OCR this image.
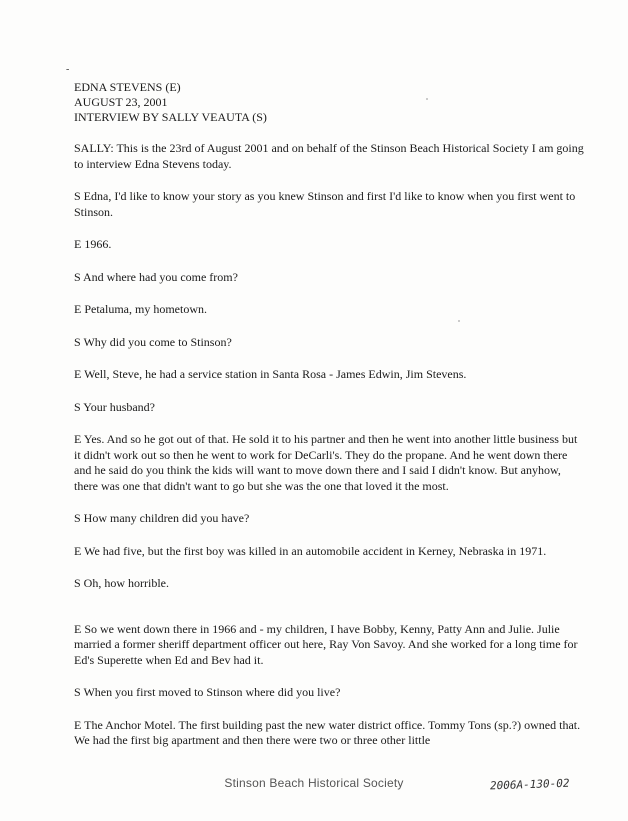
-
EDNA STEVENS (E)
AUGUST 23, 2001
INTERVIEW BY SALLY VEAUTA (S)

SALLY: This is the 23rd of August 2001 and on behalf of the Stinson Beach Historical Society I am going to interview Edna Stevens today.

S Edna, I'd like to know your story as you knew Stinson and first I'd like to know when you first went to Stinson.

E 1966.

S And where had you come from?

E Petaluma, my hometown.

S Why did you come to Stinson?

E Well, Steve, he had a service station in Santa Rosa - James Edwin, Jim Stevens.

S Your husband?

E Yes. And so he got out of that. He sold it to his partner and then he went into another little business but it didn't work out so then he went to work for DeCarli's. They do the propane. And he went down there and he said do you think the kids will want to move down there and I said I didn't know. But anyhow, there was one that didn't want to go but she was the one that loved it the most.

S How many children did you have?

E We had five, but the first boy was killed in an automobile accident in Kerney, Nebraska in 1971.

S Oh, how horrible.

E So we went down there in 1966 and - my children, I have Bobby, Kenny, Patty Ann and Julie. Julie married a former sheriff department officer out here, Ray Von Savoy. And she worked for a long time for Ed's Superette when Ed and Bev had it.

S When you first moved to Stinson where did you live?

E The Anchor Motel. The first building past the new water district office. Tommy Tons (sp.?) owned that. We had the first big apartment and then there were two or three other little

Stinson Beach Historical Society	2006A-130-02
